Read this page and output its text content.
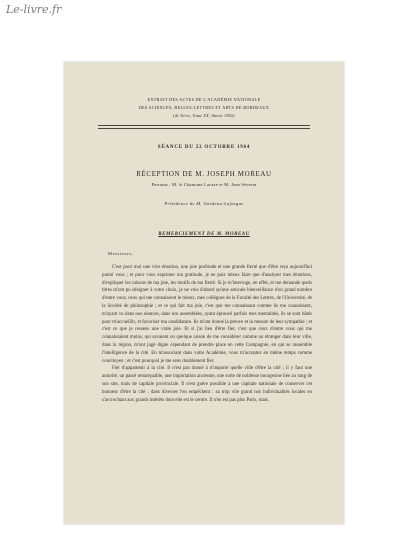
Le-livre.fr
EXTRAIT DES ACTES DE L'ACADÉMIE NATIONALE
DES SCIENCES, BELLES-LETTRES ET ARTS DE BORDEAUX
(4e Série, Tome XX, Année 1965)
SÉANCE DU 22 OCTOBRE 1964
RÉCEPTION DE M. JOSEPH MOREAU
Parrains : M. le Chanoine Lacaze et M. Jean Séverin
Présidence de M. Gardeau-Lafargue
REMERCIEMENT DE M. MOREAU
Messieurs,

C'est pour moi une vive émotion, une joie profonde et une grande fierté que d'être reçu aujourd'hui parmi vous ; et pour vous exprimer ma gratitude, je ne puis mieux faire que d'analyser mes émotions, d'expliquer les raisons de ma joie, les motifs de ma fierté. Si je m'interroge, en effet, et me demande quels titres m'ont pu désigner à votre choix, je ne vois d'abord qu'une amicale bienveillance d'un grand nombre d'entre vous, ceux qui me connaissent le mieux, mes collègues de la Faculté des Lettres, de l'Université, de la Société de philosophie ; et ce qui fait ma joie, c'est que me connaissant comme ils me connaissent, m'ayant vu dans nos séances, dans nos assemblées, ayant éprouvé parfois mes mentalités, ils se sont hâtés pour m'accueillir, et favoriser ma candidature. Ils m'ont donné la preuve et la mesure de leur sympathie ; et c'est ce que je ressens une vraie joie. Et si j'ai lieu d'être fier, c'est que ceux d'entre vous qui me connaissaient moins, qui savaient ou quelque raison de me considérer comme un étranger dans leur ville, dans la région, m'ont jugé digne cependant de prendre place en cette Compagnie, en qui se rassemble l'intelligence de la cité. En m'associant dans votre Académie, vous m'acceptez en même temps comme concitoyen ; et c'est pourquoi je me sens doublement fier.

Fier d'appartenir à la cité. Il n'est pas donné à n'importe quelle ville d'être la cité ; il y faut une autorité, un passé remarquable, une importation ancienne, une sorte de noblesse bourgeoise liée au rang de son site, mais de capitale provinciale. Il n'est guère possible à une capitale nationale de conserver cet honneur d'être la cité ; dans diverses l'en empêchent : sa trop vile grand nos individualités locales en s'accrochant aux grands intérêts dont elle est le centre. Il n'en est pas plus Paris, mais.
